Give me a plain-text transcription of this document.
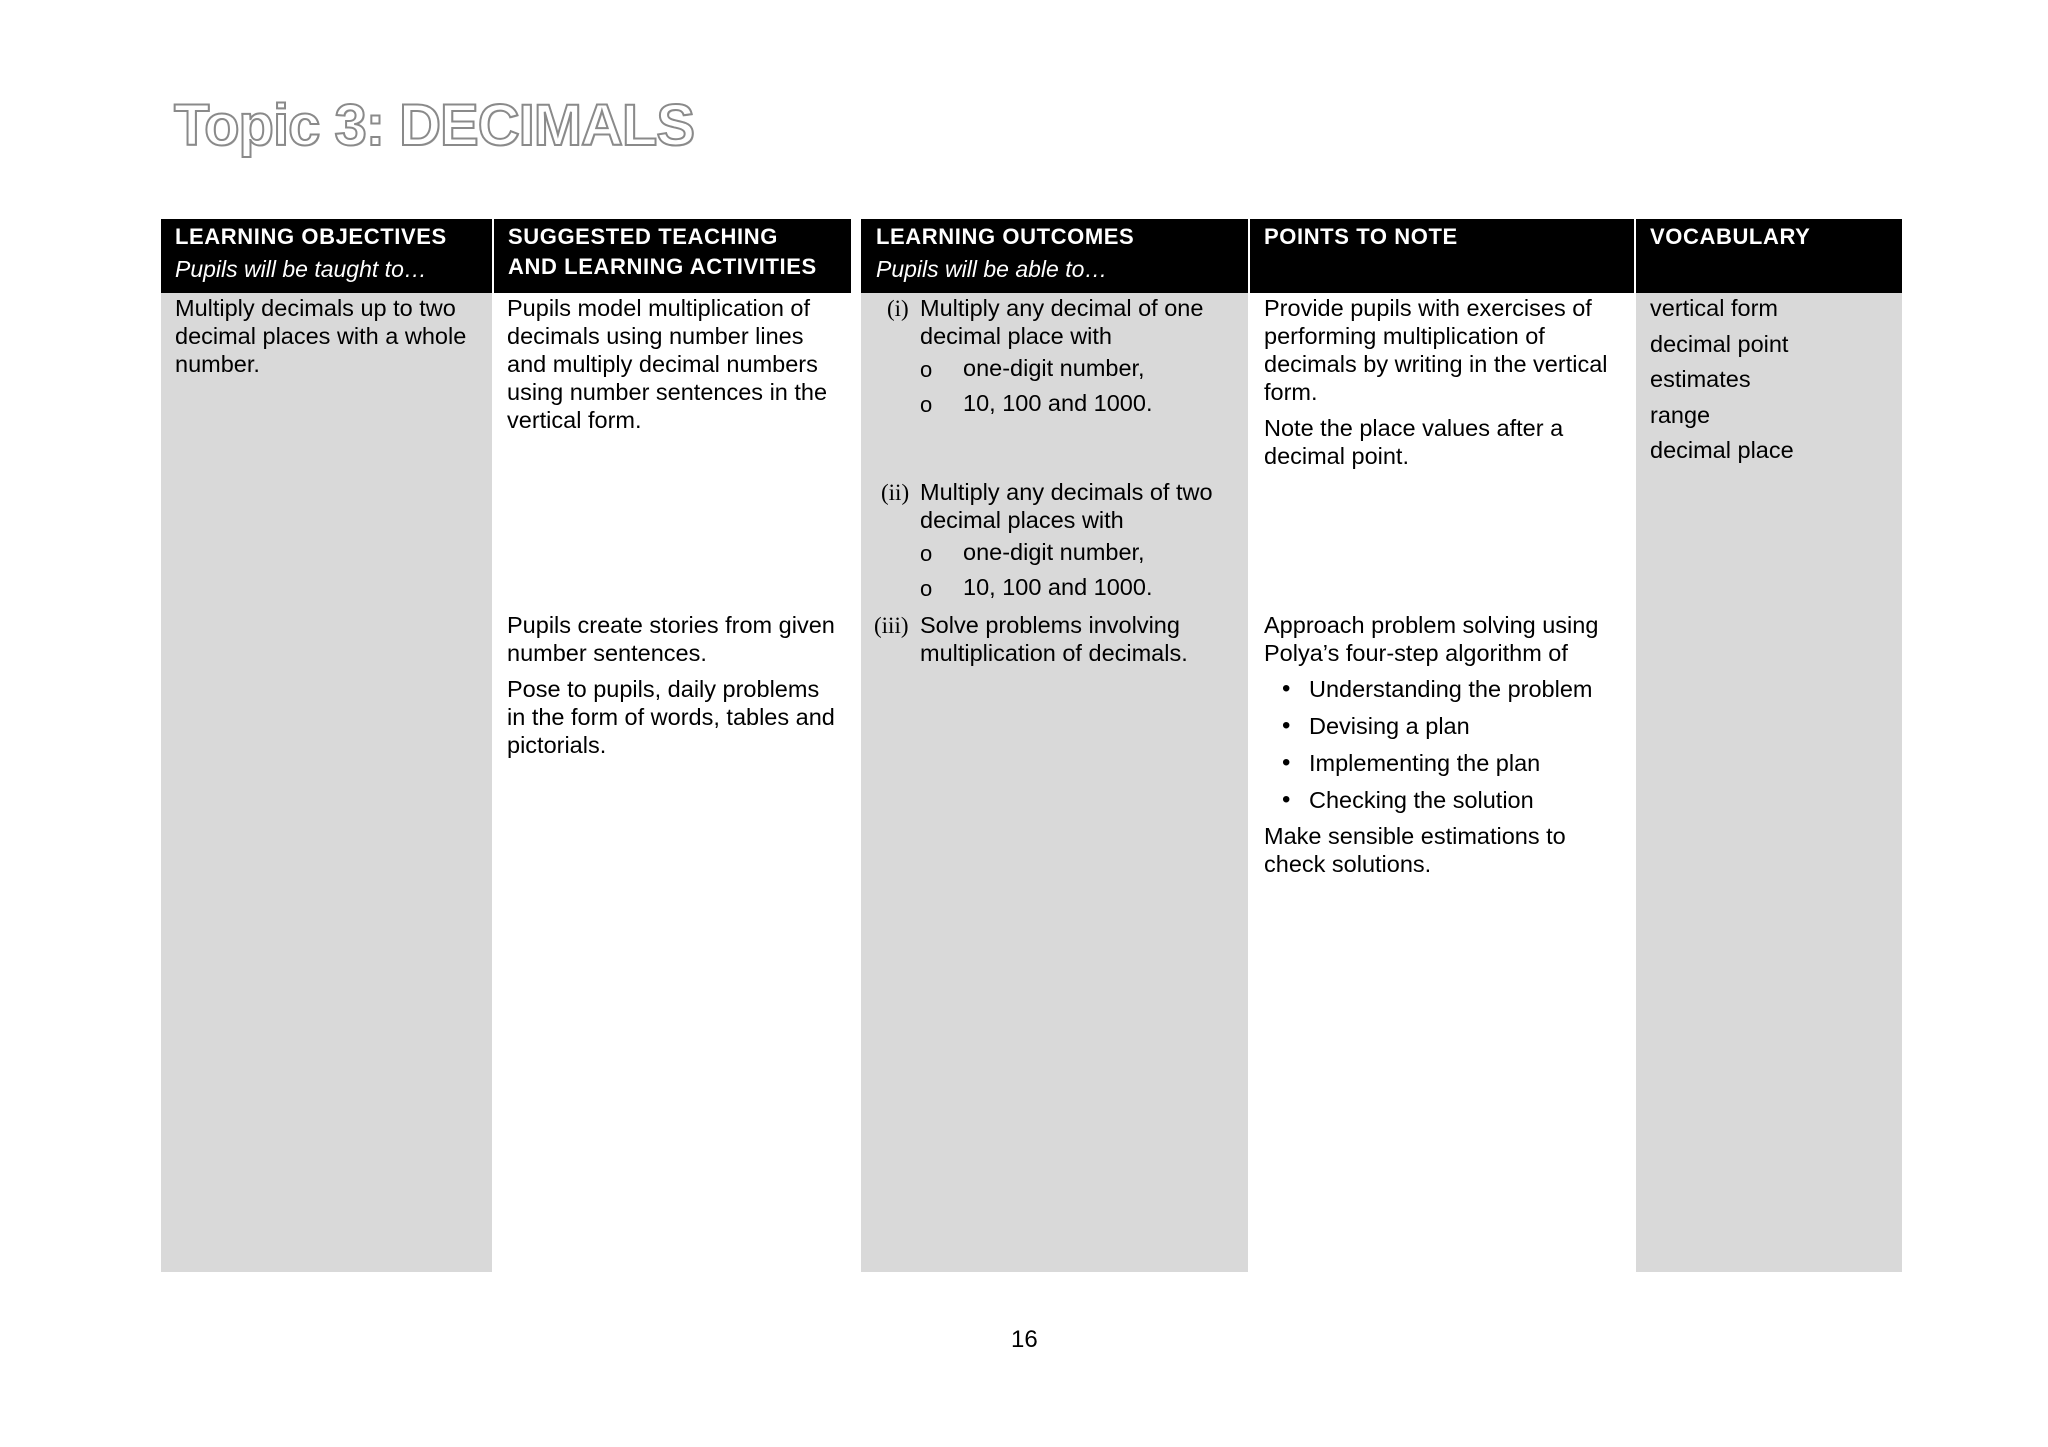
Topic 3: DECIMALS
LEARNING OBJECTIVES
Pupils will be taught to…
Multiply decimals up to two
decimal places with a whole
number.
SUGGESTED TEACHING
AND LEARNING ACTIVITIES
Pupils model multiplication of
decimals using number lines
and multiply decimal numbers
using number sentences in the
vertical form.
Pupils create stories from given
number sentences.
Pose to pupils, daily problems
in the form of words, tables and
pictorials.
LEARNING OUTCOMES
Pupils will be able to…
(i) Multiply any decimal of one
decimal place with
o one-digit number,
o 10, 100 and 1000.
(ii) Multiply any decimals of two
decimal places with
o one-digit number,
o 10, 100 and 1000.
(iii) Solve problems involving
multiplication of decimals.
POINTS TO NOTE
Provide pupils with exercises of
performing multiplication of
decimals by writing in the vertical
form.
Note the place values after a
decimal point.
Approach problem solving using
Polya’s four-step algorithm of
• Understanding the problem
• Devising a plan
• Implementing the plan
• Checking the solution
Make sensible estimations to
check solutions.
VOCABULARY
vertical form
decimal point
estimates
range
decimal place
16
